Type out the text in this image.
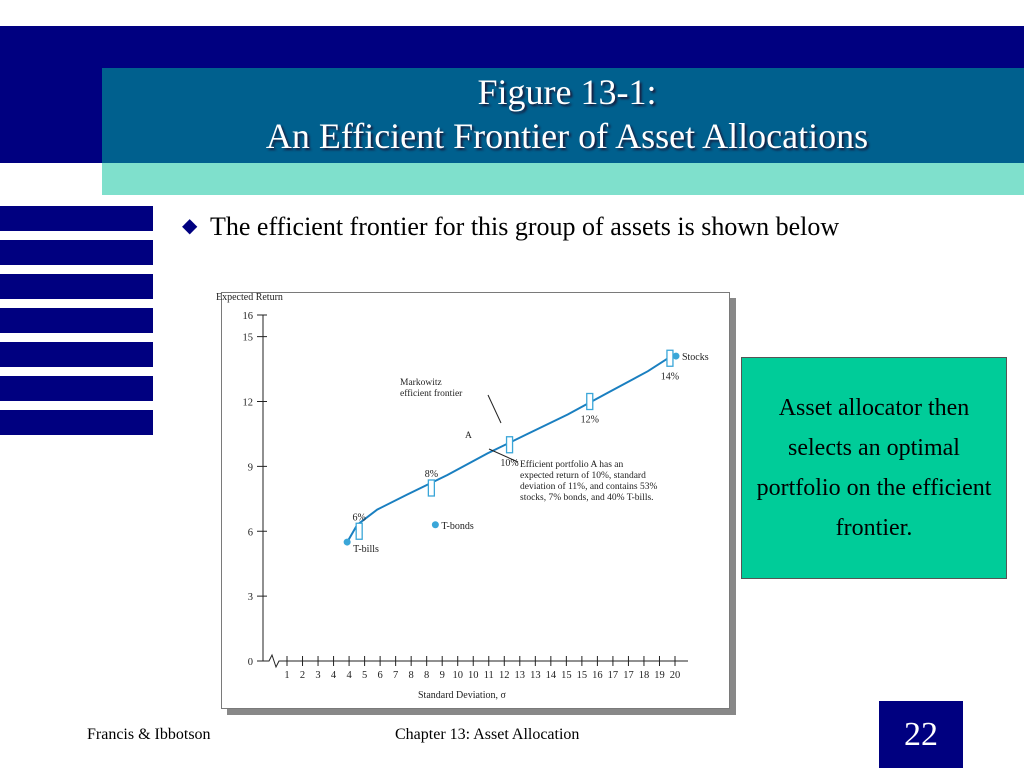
Figure 13-1:
An Efficient Frontier of Asset Allocations
◆ The efficient frontier for this group of assets is shown below
0
3
6
9
12
15
16
1 2 3 4 4 5 6 7 8 8 9 10 10 11 12 13 13 14 15 15 16 17 17 18 19 20
6%
8%
10%
12%
14%
T-bills
T-bonds
Stocks
Expected Return
Standard Deviation, σ
Markowitz
efficient frontier
A
Efficient portfolio A has an
expected return of 10%, standard
deviation of 11%, and contains 53%
stocks, 7% bonds, and 40% T-bills.
Asset allocator then selects an optimal portfolio on the efficient frontier.
Francis & Ibbotson	Chapter 13: Asset Allocation	22
